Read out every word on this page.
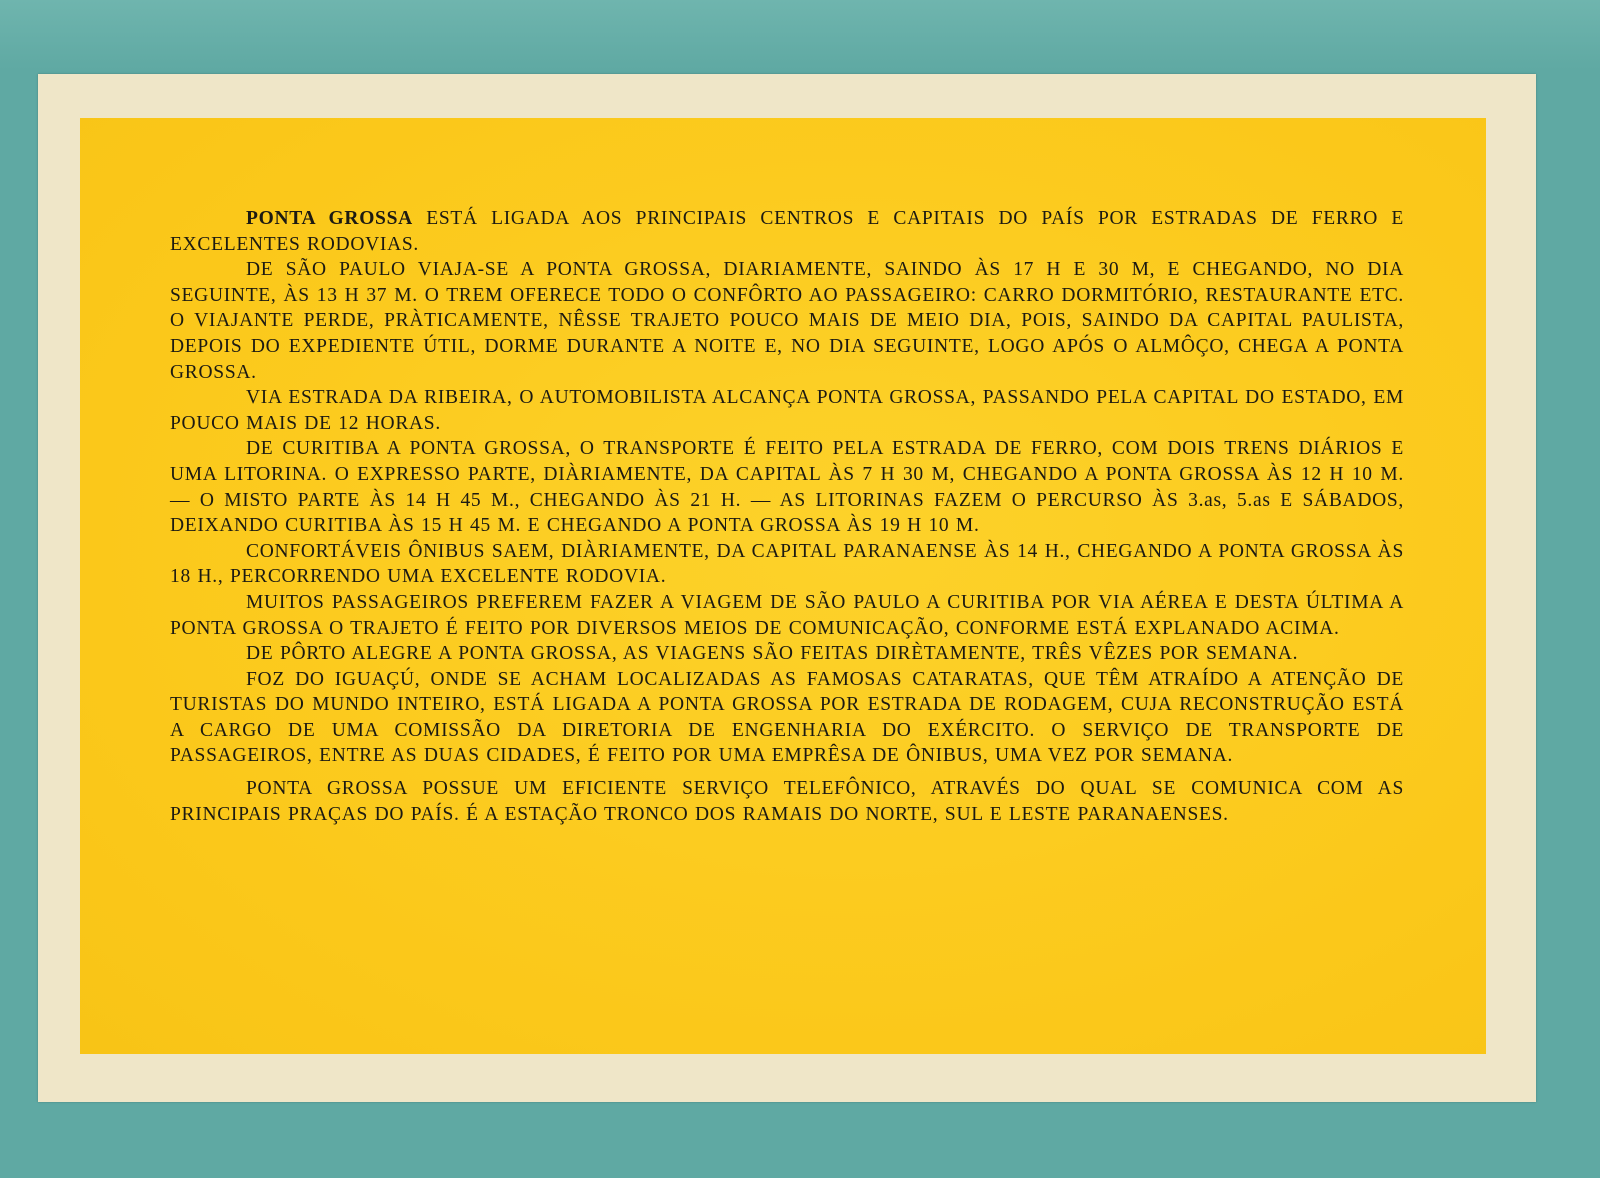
PONTA GROSSA ESTÁ LIGADA AOS PRINCIPAIS CENTROS E CAPITAIS DO PAÍS POR ESTRADAS DE FERRO E EXCELENTES RODOVIAS.

DE SÃO PAULO VIAJA-SE A PONTA GROSSA, DIARIAMENTE, SAINDO ÀS 17 H E 30 M, E CHEGANDO, NO DIA SEGUINTE, ÀS 13 H 37 M. O TREM OFERECE TODO O CONFÔRTO AO PASSAGEIRO: CARRO DORMITÓRIO, RESTAURANTE ETC. O VIAJANTE PERDE, PRÀTICAMENTE, NÊSSE TRAJETO POUCO MAIS DE MEIO DIA, POIS, SAINDO DA CAPITAL PAULISTA, DEPOIS DO EXPEDIENTE ÚTIL, DORME DURANTE A NOITE E, NO DIA SEGUINTE, LOGO APÓS O ALMÔÇO, CHEGA A PONTA GROSSA.

VIA ESTRADA DA RIBEIRA, O AUTOMOBILISTA ALCANÇA PONTA GROSSA, PASSANDO PELA CAPITAL DO ESTADO, EM POUCO MAIS DE 12 HORAS.

DE CURITIBA A PONTA GROSSA, O TRANSPORTE É FEITO PELA ESTRADA DE FERRO, COM DOIS TRENS DIÁRIOS E UMA LITORINA. O EXPRESSO PARTE, DIÀRIAMENTE, DA CAPITAL ÀS 7 H 30 M, CHEGANDO A PONTA GROSSA ÀS 12 H 10 M. — O MISTO PARTE ÀS 14 H 45 M., CHEGANDO ÀS 21 H. — AS LITORINAS FAZEM O PERCURSO ÀS 3.as, 5.as E SÁBADOS, DEIXANDO CURITIBA ÀS 15 H 45 M. E CHEGANDO A PONTA GROSSA ÀS 19 H 10 M.

CONFORTÁVEIS ÔNIBUS SAEM, DIÀRIAMENTE, DA CAPITAL PARANAENSE ÀS 14 H., CHEGANDO A PONTA GROSSA ÀS 18 H., PERCORRENDO UMA EXCELENTE RODOVIA.

MUITOS PASSAGEIROS PREFEREM FAZER A VIAGEM DE SÃO PAULO A CURITIBA POR VIA AÉREA E DESTA ÚLTIMA A PONTA GROSSA O TRAJETO É FEITO POR DIVERSOS MEIOS DE COMUNICAÇÃO, CONFORME ESTÁ EXPLANADO ACIMA.

DE PÔRTO ALEGRE A PONTA GROSSA, AS VIAGENS SÃO FEITAS DIRÈTAMENTE, TRÊS VÊZES POR SEMANA.

FOZ DO IGUAÇÚ, ONDE SE ACHAM LOCALIZADAS AS FAMOSAS CATARATAS, QUE TÊM ATRAÍDO A ATENÇÃO DE TURISTAS DO MUNDO INTEIRO, ESTÁ LIGADA A PONTA GROSSA POR ESTRADA DE RODAGEM, CUJA RECONSTRUÇÃO ESTÁ A CARGO DE UMA COMISSÃO DA DIRETORIA DE ENGENHARIA DO EXÉRCITO. O SERVIÇO DE TRANSPORTE DE PASSAGEIROS, ENTRE AS DUAS CIDADES, É FEITO POR UMA EMPRÊSA DE ÔNIBUS, UMA VEZ POR SEMANA.

PONTA GROSSA POSSUE UM EFICIENTE SERVIÇO TELEFÔNICO, ATRAVÉS DO QUAL SE COMUNICA COM AS PRINCIPAIS PRAÇAS DO PAÍS. É A ESTAÇÃO TRONCO DOS RAMAIS DO NORTE, SUL E LESTE PARANAENSES.
